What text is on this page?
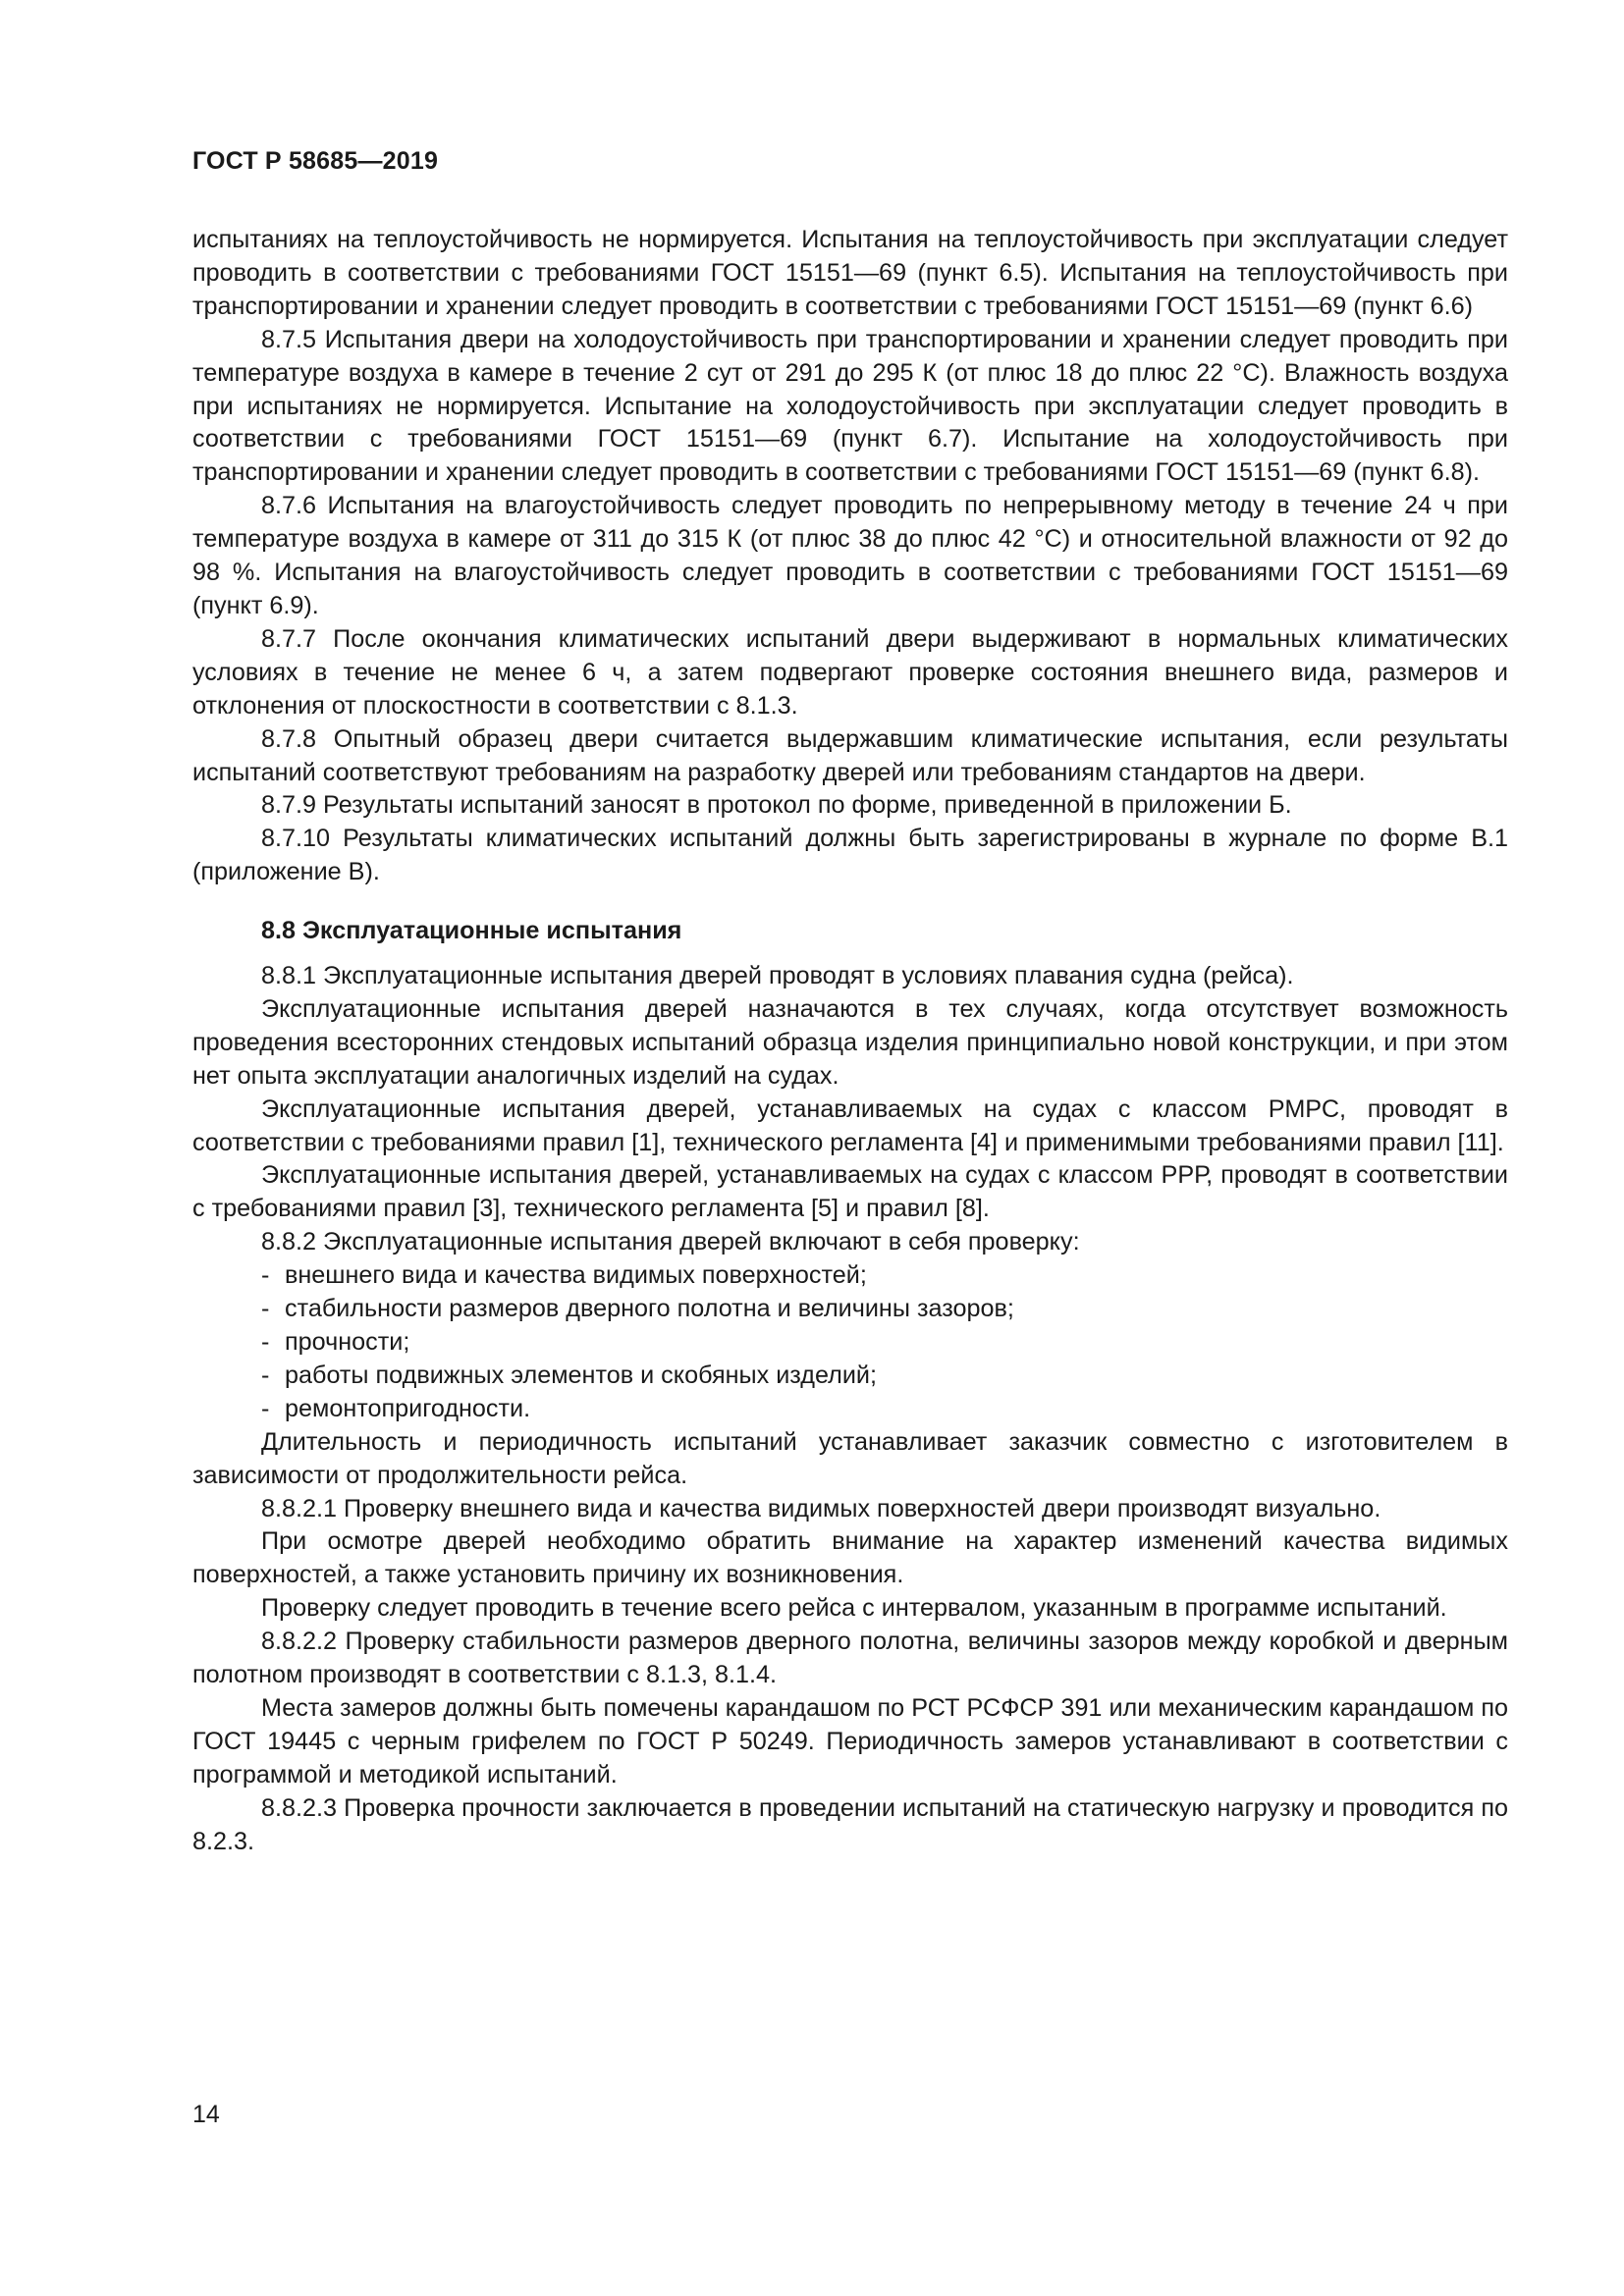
ГОСТ Р 58685—2019

испытаниях на теплоустойчивость не нормируется. Испытания на теплоустойчивость при эксплуатации следует проводить в соответствии с требованиями ГОСТ 15151—69 (пункт 6.5). Испытания на теплоустойчивость при транспортировании и хранении следует проводить в соответствии с требованиями ГОСТ 15151—69 (пункт 6.6)

8.7.5 Испытания двери на холодоустойчивость при транспортировании и хранении следует проводить при температуре воздуха в камере в течение 2 сут от 291 до 295 К (от плюс 18 до плюс 22 °С). Влажность воздуха при испытаниях не нормируется. Испытание на холодоустойчивость при эксплуатации следует проводить в соответствии с требованиями ГОСТ 15151—69 (пункт 6.7). Испытание на холодоустойчивость при транспортировании и хранении следует проводить в соответствии с требованиями ГОСТ 15151—69 (пункт 6.8).

8.7.6 Испытания на влагоустойчивость следует проводить по непрерывному методу в течение 24 ч при температуре воздуха в камере от 311 до 315 К (от плюс 38 до плюс 42 °С) и относительной влажности от 92 до 98 %. Испытания на влагоустойчивость следует проводить в соответствии с требованиями ГОСТ 15151—69 (пункт 6.9).

8.7.7 После окончания климатических испытаний двери выдерживают в нормальных климатических условиях в течение не менее 6 ч, а затем подвергают проверке состояния внешнего вида, размеров и отклонения от плоскостности в соответствии с 8.1.3.

8.7.8 Опытный образец двери считается выдержавшим климатические испытания, если результаты испытаний соответствуют требованиям на разработку дверей или требованиям стандартов на двери.

8.7.9 Результаты испытаний заносят в протокол по форме, приведенной в приложении Б.

8.7.10 Результаты климатических испытаний должны быть зарегистрированы в журнале по форме В.1 (приложение В).

8.8 Эксплуатационные испытания

8.8.1 Эксплуатационные испытания дверей проводят в условиях плавания судна (рейса).

Эксплуатационные испытания дверей назначаются в тех случаях, когда отсутствует возможность проведения всесторонних стендовых испытаний образца изделия принципиально новой конструкции, и при этом нет опыта эксплуатации аналогичных изделий на судах.

Эксплуатационные испытания дверей, устанавливаемых на судах с классом РМРС, проводят в соответствии с требованиями правил [1], технического регламента [4] и применимыми требованиями правил [11].

Эксплуатационные испытания дверей, устанавливаемых на судах с классом РРР, проводят в соответствии с требованиями правил [3], технического регламента [5] и правил [8].

8.8.2 Эксплуатационные испытания дверей включают в себя проверку:

- внешнего вида и качества видимых поверхностей;
- стабильности размеров дверного полотна и величины зазоров;
- прочности;
- работы подвижных элементов и скобяных изделий;
- ремонтопригодности.

Длительность и периодичность испытаний устанавливает заказчик совместно с изготовителем в зависимости от продолжительности рейса.

8.8.2.1 Проверку внешнего вида и качества видимых поверхностей двери производят визуально.

При осмотре дверей необходимо обратить внимание на характер изменений качества видимых поверхностей, а также установить причину их возникновения.

Проверку следует проводить в течение всего рейса с интервалом, указанным в программе испытаний.

8.8.2.2 Проверку стабильности размеров дверного полотна, величины зазоров между коробкой и дверным полотном производят в соответствии с 8.1.3, 8.1.4.

Места замеров должны быть помечены карандашом по РСТ РСФСР 391 или механическим карандашом по ГОСТ 19445 с черным грифелем по ГОСТ Р 50249. Периодичность замеров устанавливают в соответствии с программой и методикой испытаний.

8.8.2.3 Проверка прочности заключается в проведении испытаний на статическую нагрузку и проводится по 8.2.3.

14
